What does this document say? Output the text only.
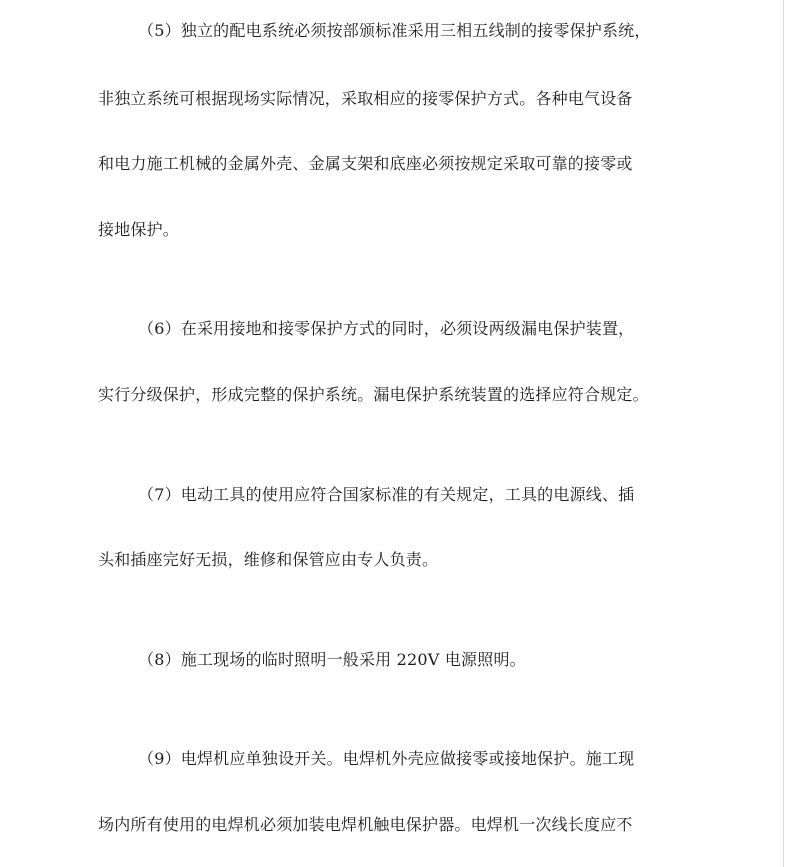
（5）独立的配电系统必须按部颁标准采用三相五线制的接零保护系统，
非独立系统可根据现场实际情况，采取相应的接零保护方式。各种电气设备
和电力施工机械的金属外壳、金属支架和底座必须按规定采取可靠的接零或
接地保护。
（6）在采用接地和接零保护方式的同时，必须设两级漏电保护装置，
实行分级保护，形成完整的保护系统。漏电保护系统装置的选择应符合规定。
（7）电动工具的使用应符合国家标准的有关规定，工具的电源线、插
头和插座完好无损，维修和保管应由专人负责。
（8）施工现场的临时照明一般采用 220V 电源照明。
（9）电焊机应单独设开关。电焊机外壳应做接零或接地保护。施工现
场内所有使用的电焊机必须加装电焊机触电保护器。电焊机一次线长度应不
